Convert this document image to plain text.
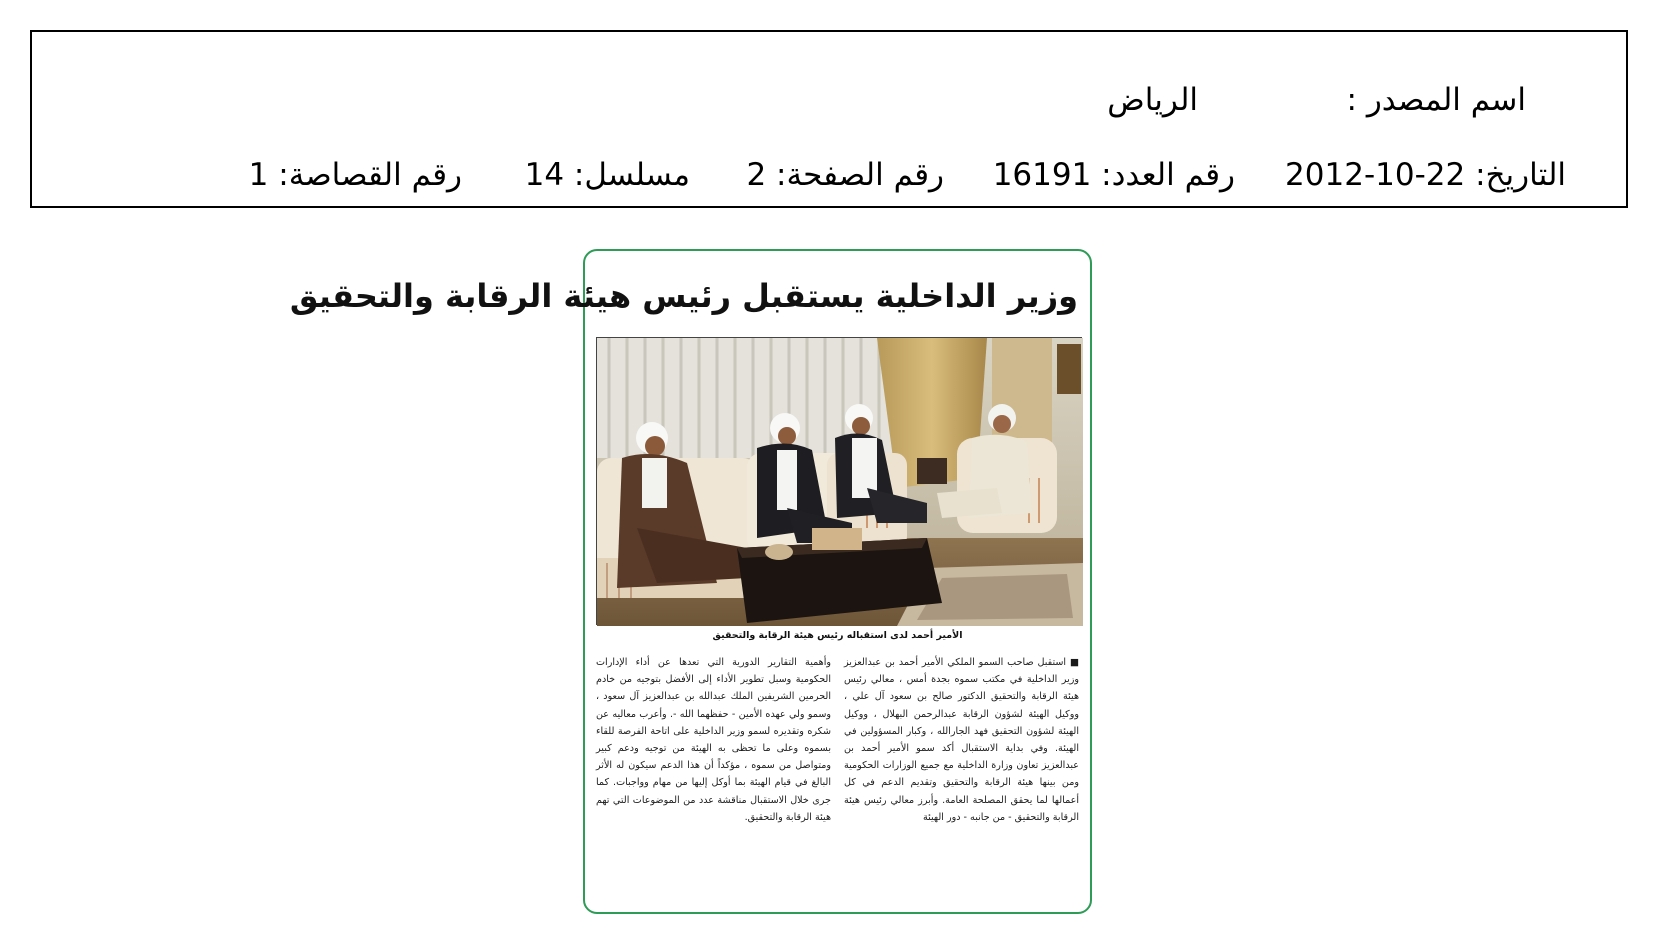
اسم المصدر :
الرياض
التاريخ: 22-10-2012
رقم العدد: 16191
رقم الصفحة: 2
مسلسل: 14
رقم القصاصة: 1
وزير الداخلية يستقبل رئيس هيئة الرقابة والتحقيق
الأمير أحمد لدى استقباله رئيس هيئة الرقابة والتحقيق
■ استقبل صاحب السمو الملكي الأمير أحمد بن عبدالعزيز وزير الداخلية في مكتب سموه بجدة أمس ، معالي رئيس هيئة الرقابة والتحقيق الدكتور صالح بن سعود آل علي ، ووكيل الهيئة لشؤون الرقابة عبدالرحمن البهلال ، ووكيل الهيئة لشؤون التحقيق فهد الجارالله ، وكبار المسؤولين في الهيئة. وفي بداية الاستقبال أكد سمو الأمير أحمد بن عبدالعزيز تعاون وزارة الداخلية مع جميع الوزارات الحكومية ومن بينها هيئة الرقابة والتحقيق وتقديم الدعم في كل أعمالها لما يحقق المصلحة العامة. وأبرز معالي رئيس هيئة الرقابة والتحقيق - من جانبه - دور الهيئة
وأهمية التقارير الدورية التي تعدها عن أداء الإدارات الحكومية وسبل تطوير الأداء إلى الأفضل بتوجيه من خادم الحرمين الشريفين الملك عبدالله بن عبدالعزيز آل سعود ، وسمو ولي عهده الأمين - حفظهما الله -. وأعرب معاليه عن شكره وتقديره لسمو وزير الداخلية على اتاحة الفرصة للقاء بسموه وعلى ما تحظى به الهيئة من توجيه ودعم كبير ومتواصل من سموه ، مؤكداً أن هذا الدعم سيكون له الأثر البالغ في قيام الهيئة بما أوكل إليها من مهام وواجبات. كما جرى خلال الاستقبال مناقشة عدد من الموضوعات التي تهم هيئة الرقابة والتحقيق.
